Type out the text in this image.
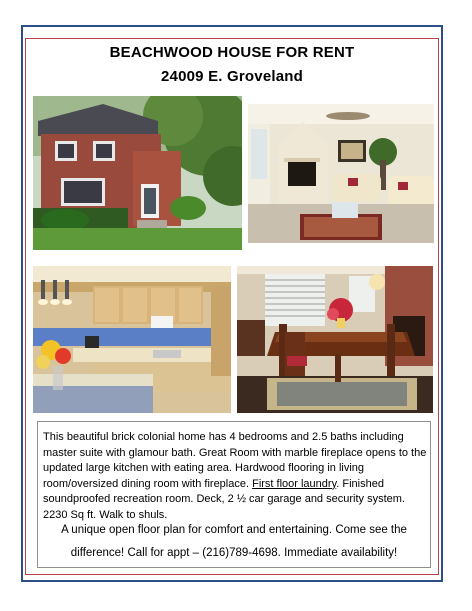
BEACHWOOD HOUSE FOR RENT
24009 E. Groveland
This beautiful brick colonial home has 4 bedrooms and 2.5 baths including master suite with glamour bath. Great Room with marble fireplace opens to the updated large kitchen with eating area. Hardwood flooring in living room/oversized dining room with fireplace. First floor laundry. Finished soundproofed recreation room. Deck, 2 ½ car garage and security system. 2230 Sq ft. Walk to shuls.
A unique open floor plan for comfort and entertaining. Come see the
difference! Call for appt – (216)789-4698. Immediate availability!
